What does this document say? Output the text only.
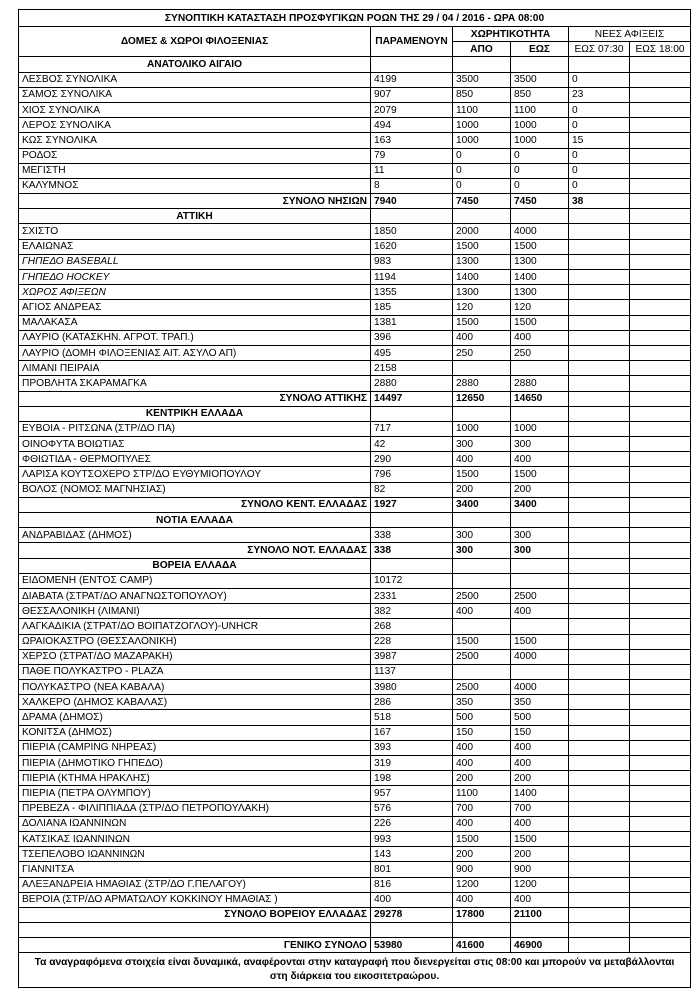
ΣΥΝΟΠΤΙΚΗ ΚΑΤΑΣΤΑΣΗ ΠΡΟΣΦΥΓΙΚΩΝ ΡΟΩΝ ΤΗΣ 29 / 04 / 2016 - ΩΡΑ 08:00					
ΔΟΜΕΣ & ΧΩΡΟΙ ΦΙΛΟΞΕΝΙΑΣ	ΠΑΡΑΜΕΝΟΥΝ	ΧΩΡΗΤΙΚΟΤΗΤΑ		ΝΕΕΣ ΑΦΙΞΕΙΣ	
		ΑΠΟ	ΕΩΣ	ΕΩΣ 07:30	ΕΩΣ 18:00
ΑΝΑΤΟΛΙΚΟ ΑΙΓΑΙΟ					
ΛΕΣΒΟΣ ΣΥΝΟΛΙΚΑ	4199	3500	3500	0	
ΣΑΜΟΣ ΣΥΝΟΛΙΚΑ	907	850	850	23	
ΧΙΟΣ ΣΥΝΟΛΙΚΑ	2079	1100	1100	0	
ΛΕΡΟΣ ΣΥΝΟΛΙΚΑ	494	1000	1000	0	
ΚΩΣ ΣΥΝΟΛΙΚΑ	163	1000	1000	15	
ΡΟΔΟΣ	79	0	0	0	
ΜΕΓΙΣΤΗ	11	0	0	0	
ΚΑΛΥΜΝΟΣ	8	0	0	0	
ΣΥΝΟΛΟ ΝΗΣΙΩΝ	7940	7450	7450	38	
ΑΤΤΙΚΗ					
ΣΧΙΣΤΟ	1850	2000	4000		
ΕΛΑΙΩΝΑΣ	1620	1500	1500		
ΓΗΠΕΔΟ BASEBALL	983	1300	1300		
ΓΗΠΕΔΟ HOCKEY	1194	1400	1400		
ΧΩΡΟΣ ΑΦΙΞΕΩΝ	1355	1300	1300		
ΑΓΙΟΣ ΑΝΔΡΕΑΣ	185	120	120		
ΜΑΛΑΚΑΣΑ	1381	1500	1500		
ΛΑΥΡΙΟ (ΚΑΤΑΣΚΗΝ. ΑΓΡΟΤ. ΤΡΑΠ.)	396	400	400		
ΛΑΥΡΙΟ (ΔΟΜΗ ΦΙΛΟΞΕΝΙΑΣ ΑΙΤ. ΑΣΥΛΟ ΑΠ)	495	250	250		
ΛΙΜΑΝΙ ΠΕΙΡΑΙΑ	2158				
ΠΡΟΒΛΗΤΑ ΣΚΑΡΑΜΑΓΚΑ	2880	2880	2880		
ΣΥΝΟΛΟ ΑΤΤΙΚΗΣ	14497	12650	14650		
ΚΕΝΤΡΙΚΗ ΕΛΛΑΔΑ					
ΕΥΒΟΙΑ - ΡΙΤΣΩΝΑ (ΣΤΡ/ΔΟ ΠΑ)	717	1000	1000		
ΟΙΝΟΦΥΤΑ ΒΟΙΩΤΙΑΣ	42	300	300		
ΦΘΙΩΤΙΔΑ - ΘΕΡΜΟΠΥΛΕΣ	290	400	400		
ΛΑΡΙΣΑ ΚΟΥΤΣΟΧΕΡΟ ΣΤΡ/ΔΟ ΕΥΘΥΜΙΟΠΟΥΛΟΥ	796	1500	1500		
ΒΟΛΟΣ (ΝΟΜΟΣ ΜΑΓΝΗΣΙΑΣ)	82	200	200		
ΣΥΝΟΛΟ ΚΕΝΤ. ΕΛΛΑΔΑΣ	1927	3400	3400		
ΝΟΤΙΑ ΕΛΛΑΔΑ					
ΑΝΔΡΑΒΙΔΑΣ (ΔΗΜΟΣ)	338	300	300		
ΣΥΝΟΛΟ ΝΟΤ. ΕΛΛΑΔΑΣ	338	300	300		
ΒΟΡΕΙΑ ΕΛΛΑΔΑ					
ΕΙΔΟΜΕΝΗ (ΕΝΤΟΣ CAMP)	10172				
ΔΙΑΒΑΤΑ (ΣΤΡΑΤ/ΔΟ ΑΝΑΓΝΩΣΤΟΠΟΥΛΟΥ)	2331	2500	2500		
ΘΕΣΣΑΛΟΝΙΚΗ (ΛΙΜΑΝΙ)	382	400	400		
ΛΑΓΚΑΔΙΚΙΑ (ΣΤΡΑΤ/ΔΟ ΒΟΙΠΑΤΖΟΓΛΟΥ)-UNHCR	268				
ΩΡΑΙΟΚΑΣΤΡΟ (ΘΕΣΣΑΛΟΝΙΚΗ)	228	1500	1500		
ΧΕΡΣΟ (ΣΤΡΑΤ/ΔΟ ΜΑΖΑΡΑΚΗ)	3987	2500	4000		
ΠΑΘΕ ΠΟΛΥΚΑΣΤΡΟ - PLAZA	1137				
ΠΟΛΥΚΑΣΤΡΟ (ΝΕΑ ΚΑΒΑΛΑ)	3980	2500	4000		
ΧΑΛΚΕΡΟ (ΔΗΜΟΣ ΚΑΒΑΛΑΣ)	286	350	350		
ΔΡΑΜΑ (ΔΗΜΟΣ)	518	500	500		
ΚΟΝΙΤΣΑ (ΔΗΜΟΣ)	167	150	150		
ΠΙΕΡΙΑ (CAMPING ΝΗΡΕΑΣ)	393	400	400		
ΠΙΕΡΙΑ (ΔΗΜΟΤΙΚΟ ΓΗΠΕΔΟ)	319	400	400		
ΠΙΕΡΙΑ (ΚΤΗΜΑ ΗΡΑΚΛΗΣ)	198	200	200		
ΠΙΕΡΙΑ (ΠΕΤΡΑ ΟΛΥΜΠΟΥ)	957	1100	1400		
ΠΡΕΒΕΖΑ - ΦΙΛΙΠΠΙΑΔΑ (ΣΤΡ/ΔΟ ΠΕΤΡΟΠΟΥΛΑΚΗ)	576	700	700		
ΔΟΛΙΑΝΑ ΙΩΑΝΝΙΝΩΝ	226	400	400		
ΚΑΤΣΙΚΑΣ ΙΩΑΝΝΙΝΩΝ	993	1500	1500		
ΤΣΕΠΕΛΟΒΟ ΙΩΑΝΝΙΝΩΝ	143	200	200		
ΓΙΑΝΝΙΤΣΑ	801	900	900		
ΑΛΕΞΑΝΔΡΕΙΑ ΗΜΑΘΙΑΣ (ΣΤΡ/ΔΟ Γ.ΠΕΛΑΓΟΥ)	816	1200	1200		
ΒΕΡΟΙΑ (ΣΤΡ/ΔΟ ΑΡΜΑΤΩΛΟΥ ΚΟΚΚΙΝΟΥ ΗΜΑΘΙΑΣ )	400	400	400		
ΣΥΝΟΛΟ ΒΟΡΕΙΟΥ ΕΛΛΑΔΑΣ	29278	17800	21100		

ΓΕΝΙΚΟ ΣΥΝΟΛΟ	53980	41600	46900		
Τα αναγραφόμενα στοιχεία είναι δυναμικά, αναφέρονται στην καταγραφή που διενεργείται στις 08:00 και μπορούν να μεταβάλλονται στη διάρκεια του εικοσιτετραώρου.					
